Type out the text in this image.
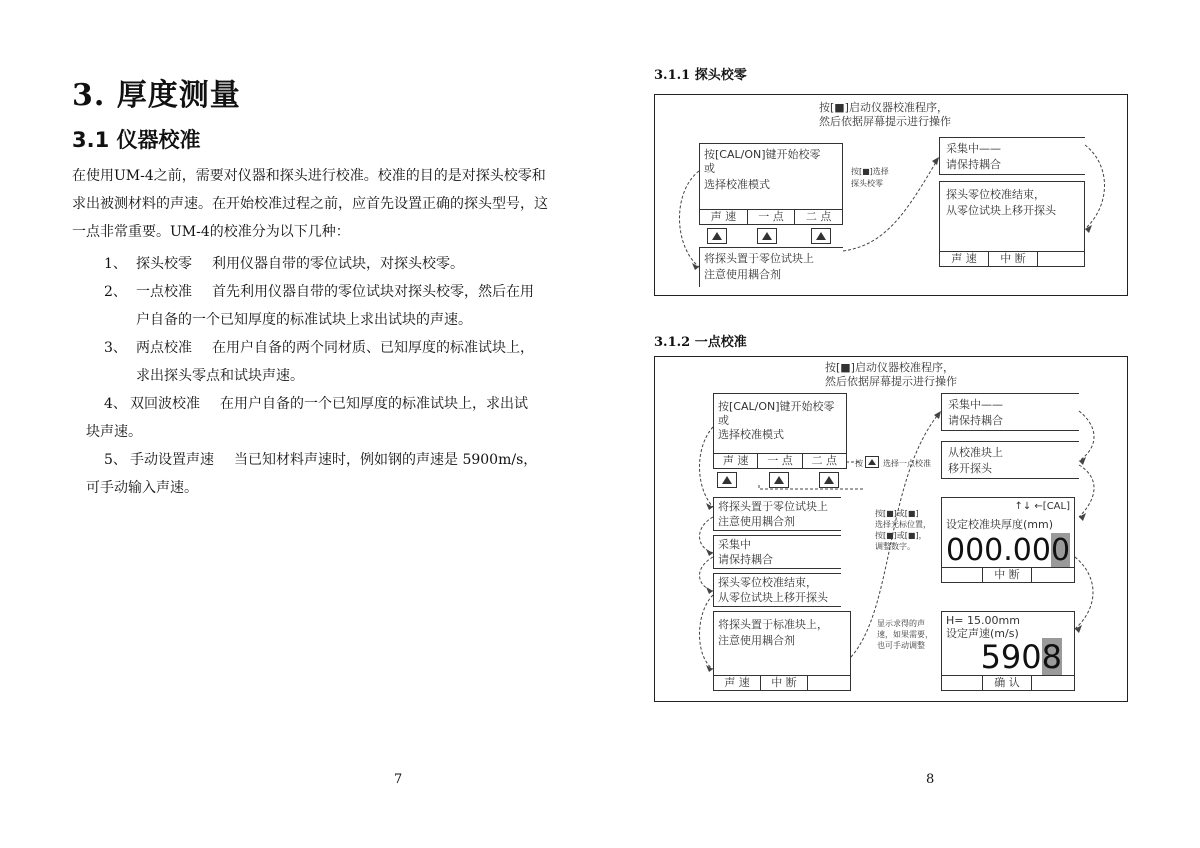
3. 厚度测量
3.1 仪器校准
在使用UM-4之前，需要对仪器和探头进行校准。校准的目的是对探头校零和求出被测材料的声速。在开始校准过程之前，应首先设置正确的探头型号，这一点非常重要。UM-4的校准分为以下几种：
1、 探头校零 利用仪器自带的零位试块，对探头校零。
2、 一点校准 首先利用仪器自带的零位试块对探头校零，然后在用
户自备的一个已知厚度的标准试块上求出试块的声速。
3、 两点校准 在用户自备的两个同材质、已知厚度的标准试块上，
求出探头零点和试块声速。
4、 双回波校准 在用户自备的一个已知厚度的标准试块上，求出试
块声速。
5、 手动设置声速 当已知材料声速时，例如钢的声速是 5900m/s，
可手动输入声速。
7
3.1.1 探头校零
按[■]启动仪器校准程序，
然后依据屏幕提示进行操作
按[CAL/ON]键开始校零
或
选择校准模式
声 速	一 点	二 点
按[■]选择
探头校零
将探头置于零位试块上
注意使用耦合剂
采集中——
请保持耦合
探头零位校准结束，
从零位试块上移开探头
声 速	中 断
3.1.2 一点校准
按[■]启动仪器校准程序，
然后依据屏幕提示进行操作
按[CAL/ON]键开始校零
或
选择校准模式
声 速	一 点	二 点	按	选择一点校准
将探头置于零位试块上
注意使用耦合剂
采集中
请保持耦合
探头零位校准结束，
从零位试块上移开探头
将探头置于标准块上，
注意使用耦合剂
声 速	中 断
采集中——
请保持耦合
从校准块上
移开探头
↑↓ ←[CAL]
设定校准块厚度(mm)
000.000
中 断
按[■]或[■]
选择光标位置，
按[■]或[■]，
调整数字。
H= 15.00mm
设定声速(m/s)
5908
确 认
显示求得的声
速，如果需要，
也可手动调整
8
